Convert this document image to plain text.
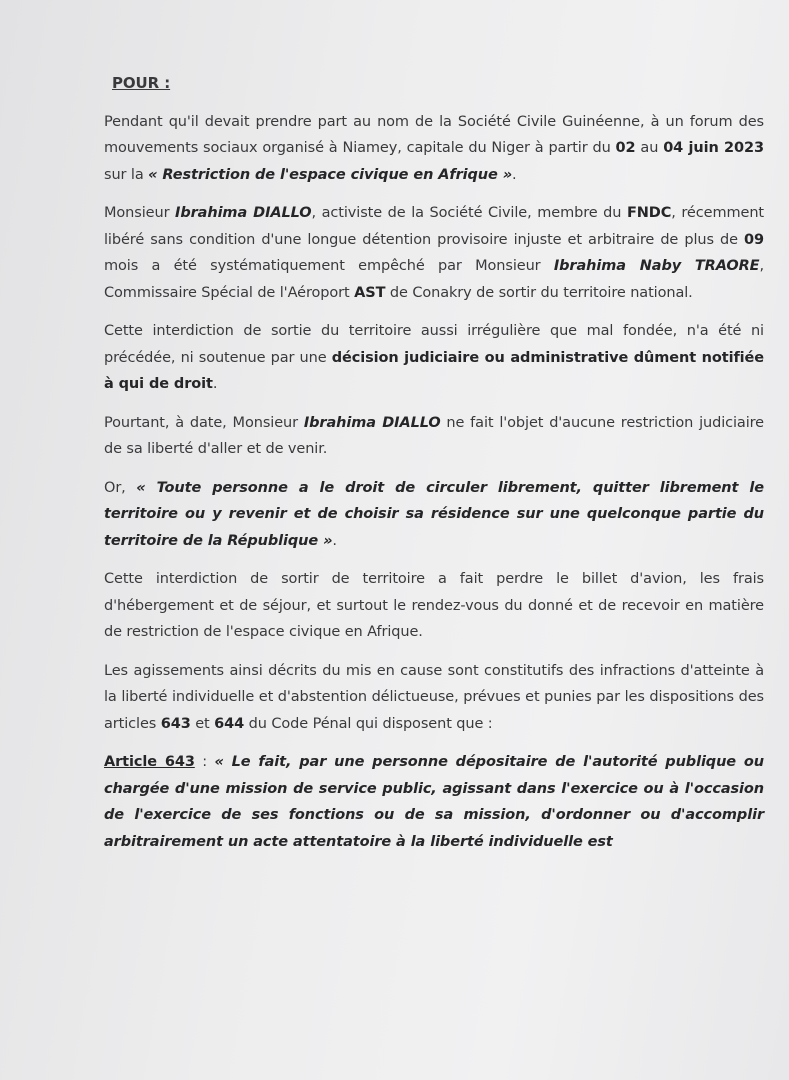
POUR :

Pendant qu'il devait prendre part au nom de la Société Civile Guinéenne, à un forum des mouvements sociaux organisé à Niamey, capitale du Niger à partir du 02 au 04 juin 2023 sur la « Restriction de l'espace civique en Afrique ».

Monsieur Ibrahima DIALLO, activiste de la Société Civile, membre du FNDC, récemment libéré sans condition d'une longue détention provisoire injuste et arbitraire de plus de 09 mois a été systématiquement empêché par Monsieur Ibrahima Naby TRAORE, Commissaire Spécial de l'Aéroport AST de Conakry de sortir du territoire national.

Cette interdiction de sortie du territoire aussi irrégulière que mal fondée, n'a été ni précédée, ni soutenue par une décision judiciaire ou administrative dûment notifiée à qui de droit.

Pourtant, à date, Monsieur Ibrahima DIALLO ne fait l'objet d'aucune restriction judiciaire de sa liberté d'aller et de venir.

Or, « Toute personne a le droit de circuler librement, quitter librement le territoire ou y revenir et de choisir sa résidence sur une quelconque partie du territoire de la République ».

Cette interdiction de sortir de territoire a fait perdre le billet d'avion, les frais d'hébergement et de séjour, et surtout le rendez-vous du donné et de recevoir en matière de restriction de l'espace civique en Afrique.

Les agissements ainsi décrits du mis en cause sont constitutifs des infractions d'atteinte à la liberté individuelle et d'abstention délictueuse, prévues et punies par les dispositions des articles 643 et 644 du Code Pénal qui disposent que :

Article 643 : « Le fait, par une personne dépositaire de l'autorité publique ou chargée d'une mission de service public, agissant dans l'exercice ou à l'occasion de l'exercice de ses fonctions ou de sa mission, d'ordonner ou d'accomplir arbitrairement un acte attentatoire à la liberté individuelle est
